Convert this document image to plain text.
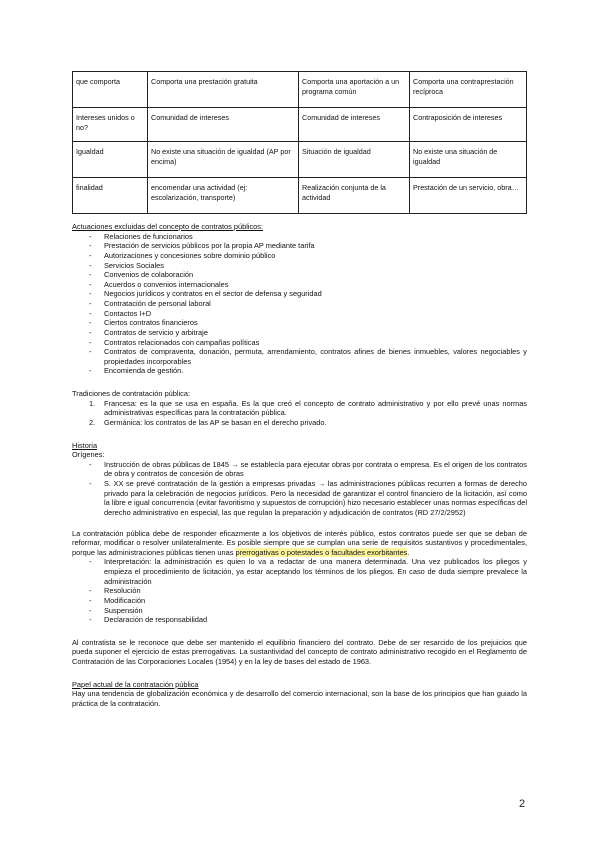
que comporta	Comporta una prestación gratuita	Comporta una aportación a un programa común	Comporta una contraprestación recíproca
Intereses unidos o no?	Comunidad de intereses	Comunidad de intereses	Contraposición de intereses
Igualdad	No existe una situación de igualdad (AP por encima)	Situación de igualdad	No existe una situación de igualdad
finalidad	encomendar una actividad (ej: escolarización, transporte)	Realización conjunta de la actividad	Prestación de un servicio, obra…
Actuaciones excluidas del concepto de contratos públicos:
- Relaciones de funcionarios
- Prestación de servicios públicos por la propia AP mediante tarifa
- Autorizaciones y concesiones sobre dominio público
- Servicios Sociales
- Convenios de colaboración
- Acuerdos o convenios internacionales
- Negocios jurídicos y contratos en el sector de defensa y seguridad
- Contratación de personal laboral
- Contactos I+D
- Ciertos contratos financieros
- Contratos de servicio y arbitraje
- Contratos relacionados con campañas políticas
- Contratos de compraventa, donación, permuta, arrendamiento, contratos afines de bienes inmuebles, valores negociables y propiedades incorporables
- Encomienda de gestión.
Tradiciones de contratación pública:
1. Francesa: es la que se usa en españa. Es la que creó el concepto de contrato administrativo y por ello prevé unas normas administrativas específicas para la contratación pública.
2. Germánica: los contratos de las AP se basan en el derecho privado.
Historia
Orígenes:
- Instrucción de obras públicas de 1845 → se establecía para ejecutar obras por contrata o empresa. Es el origen de los contratos de obra y contratos de concesión de obras
- S. XX se prevé contratación de la gestión a empresas privadas → las administraciones públicas recurren a formas de derecho privado para la celebración de negocios jurídicos. Pero la necesidad de garantizar el control financiero de la licitación, así como la libre e igual concurrencia (evitar favoritismo y supuestos de corrupción) hizo necesario establecer unas normas específicas del derecho administrativo en especial, las que regulan la preparación y adjudicación de contratos (RD 27/2/2952)

La contratación pública debe de responder eficazmente a los objetivos de interés público, estos contratos puede ser que se deban de reformar, modificar o resolver unilateralmente. Es posible siempre que se cumplan una serie de requisitos sustantivos y procedimentales, porque las administraciones públicas tienen unas prerrogativas o potestades o facultades exorbitantes.

- Interpretación: la administración es quien lo va a redactar de una manera determinada. Una vez publicados los pliegos y empieza el procedimiento de licitación, ya estar aceptando los términos de los pliegos. En caso de duda siempre prevalece la administración
- Resolución
- Modificación
- Suspensión
- Declaración de responsabilidad

Al contratista se le reconoce que debe ser mantenido el equilibrio financiero del contrato. Debe de ser resarcido de los prejuicios que pueda suponer el ejercicio de estas prerrogativas. La sustantividad del concepto de contrato administrativo recogido en el Reglamento de Contratación de las Corporaciones Locales (1954) y en la ley de bases del estado de 1963.

Papel actual de la contratación pública

Hay una tendencia de globalización económica y de desarrollo del comercio internacional, son la base de los principios que han guiado la práctica de la contratación.

2
